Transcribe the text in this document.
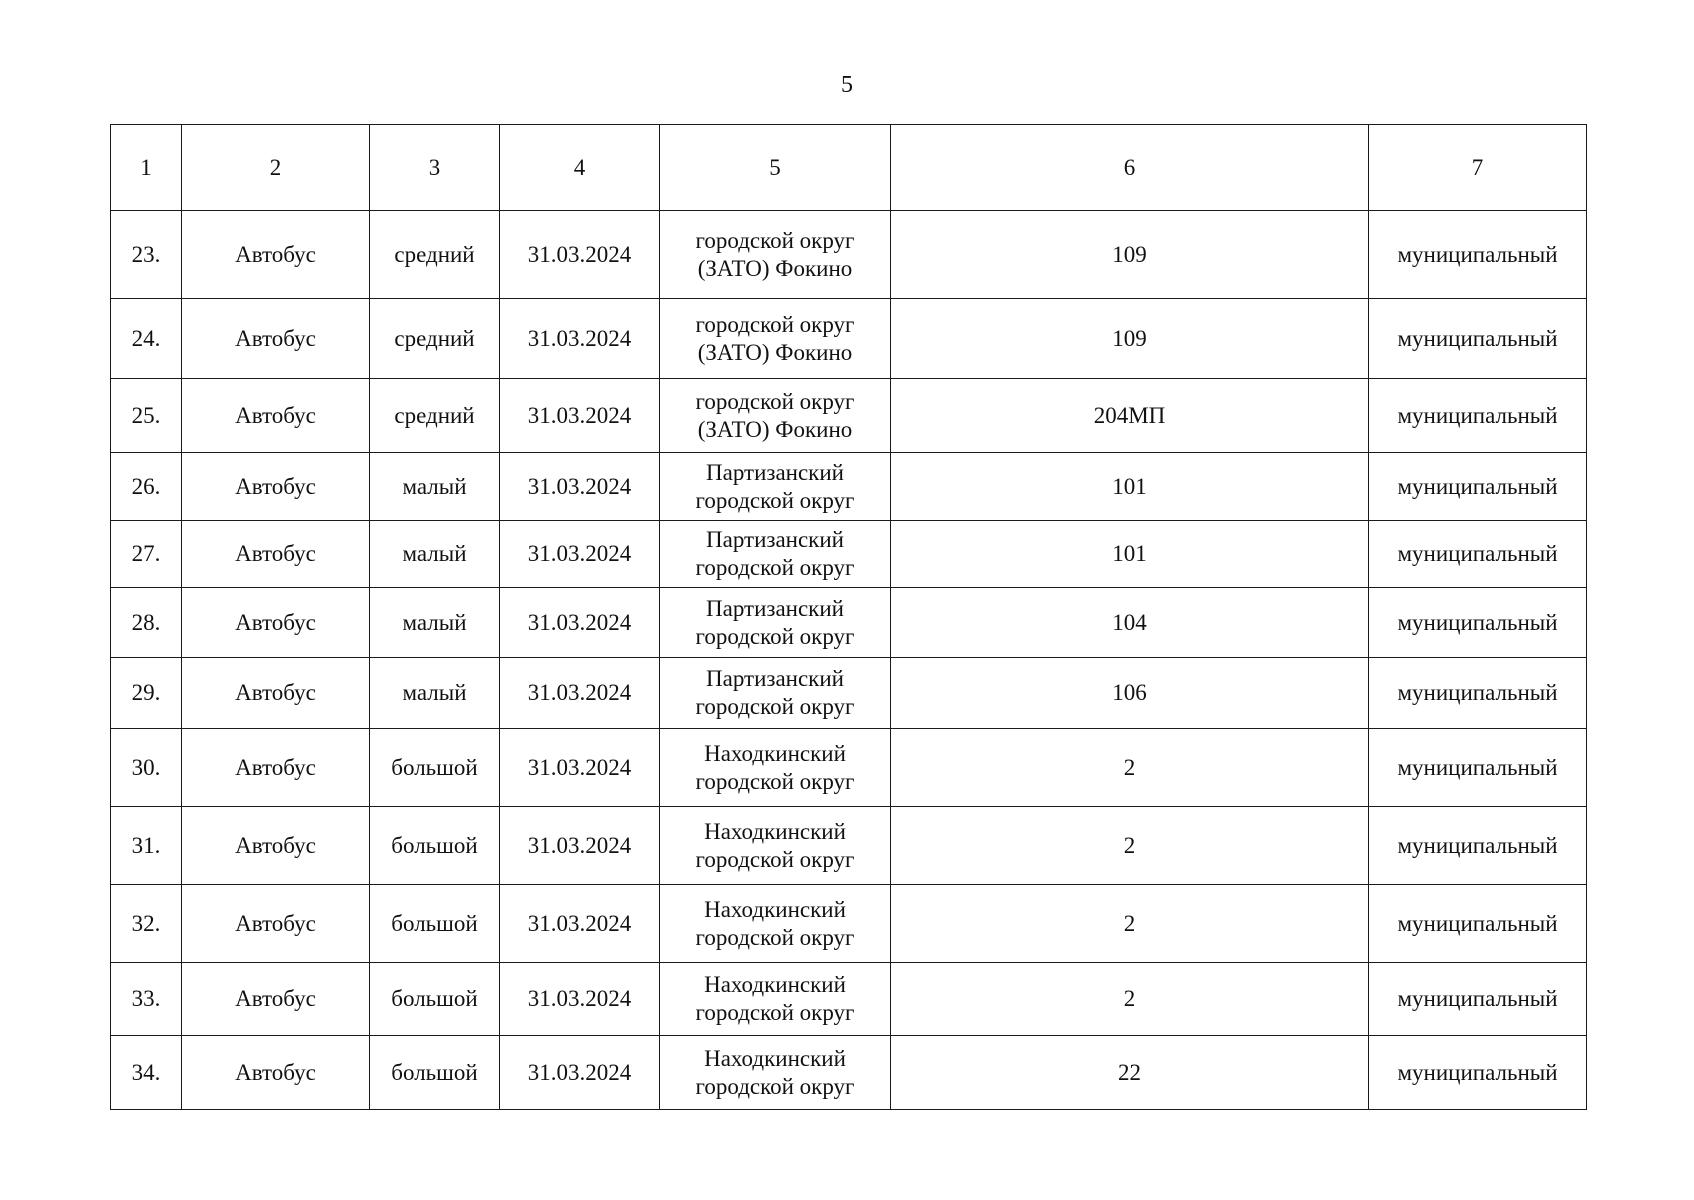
5
1	2	3	4	5	6	7
23.	Автобус	средний	31.03.2024	городской округ
(ЗАТО) Фокино	109	муниципальный
24.	Автобус	средний	31.03.2024	городской округ
(ЗАТО) Фокино	109	муниципальный
25.	Автобус	средний	31.03.2024	городской округ
(ЗАТО) Фокино	204МП	муниципальный
26.	Автобус	малый	31.03.2024	Партизанский
городской округ	101	муниципальный
27.	Автобус	малый	31.03.2024	Партизанский
городской округ	101	муниципальный
28.	Автобус	малый	31.03.2024	Партизанский
городской округ	104	муниципальный
29.	Автобус	малый	31.03.2024	Партизанский
городской округ	106	муниципальный
30.	Автобус	большой	31.03.2024	Находкинский
городской округ	2	муниципальный
31.	Автобус	большой	31.03.2024	Находкинский
городской округ	2	муниципальный
32.	Автобус	большой	31.03.2024	Находкинский
городской округ	2	муниципальный
33.	Автобус	большой	31.03.2024	Находкинский
городской округ	2	муниципальный
34.	Автобус	большой	31.03.2024	Находкинский
городской округ	22	муниципальный
